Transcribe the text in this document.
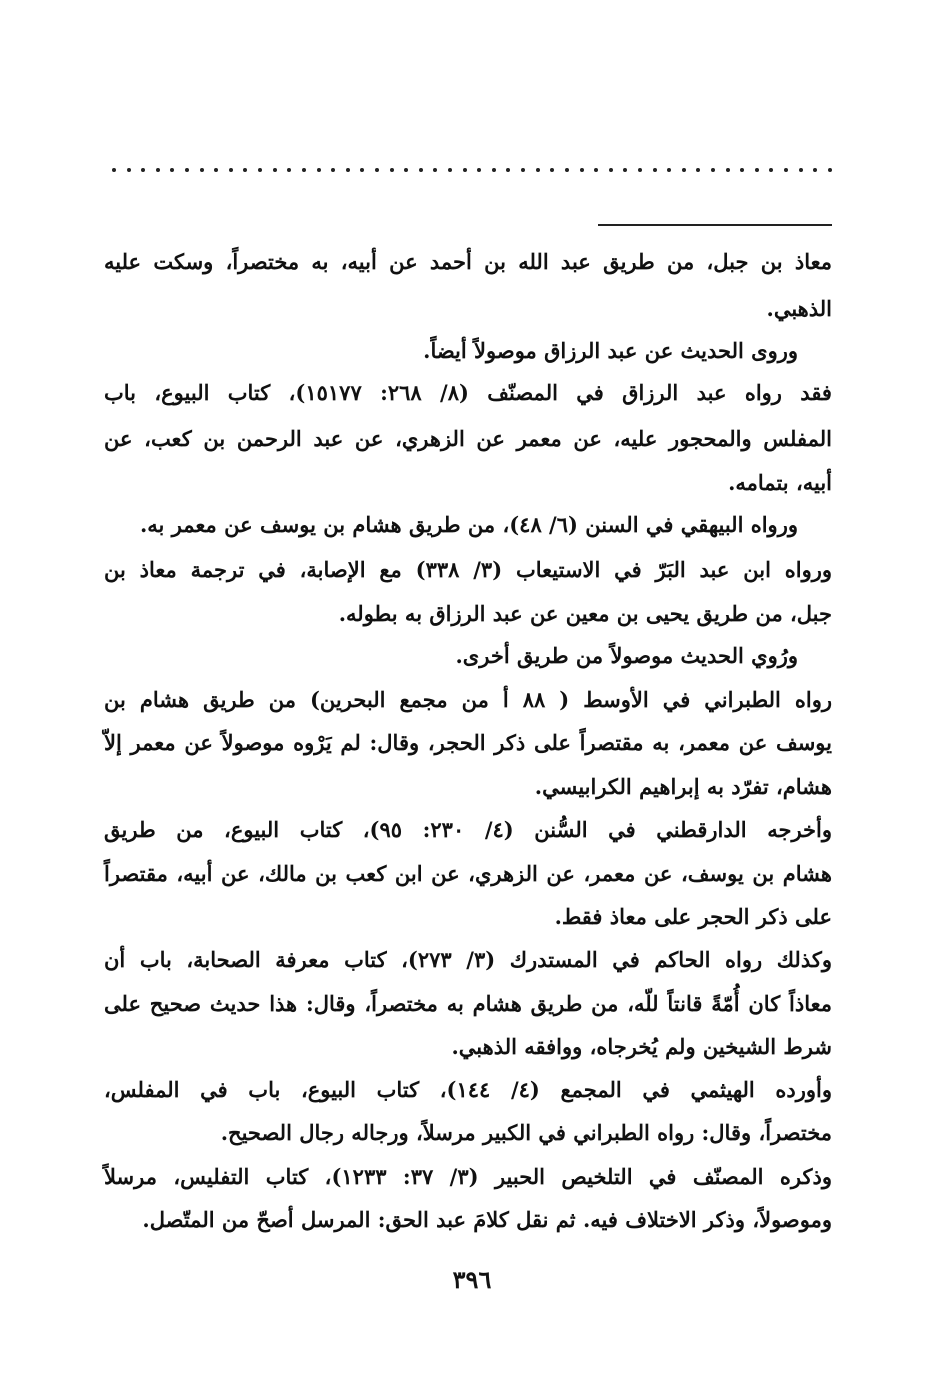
معاذ بن جبل، من طريق عبد الله بن أحمد عن أبيه، به مختصراً، وسكت عليه
الذهبي.
وروى الحديث عن عبد الرزاق موصولاً أيضاً.
فقد رواه عبد الرزاق في المصنّف (٨/ ٢٦٨: ١٥١٧٧)، كتاب البيوع، باب
المفلس والمحجور عليه، عن معمر عن الزهري، عن عبد الرحمن بن كعب، عن
أبيه، بتمامه.
ورواه البيهقي في السنن (٦/ ٤٨)، من طريق هشام بن يوسف عن معمر به.
ورواه ابن عبد البَرّ في الاستيعاب (٣/ ٣٣٨) مع الإصابة، في ترجمة معاذ بن
جبل، من طريق يحيى بن معين عن عبد الرزاق به بطوله.
ورُوي الحديث موصولاً من طريق أخرى.
رواه الطبراني في الأوسط ( ٨٨ أ من مجمع البحرين) من طريق هشام بن
يوسف عن معمر، به مقتصراً على ذكر الحجر، وقال: لم يَرْوه موصولاً عن معمر إلاّ
هشام، تفرّد به إبراهيم الكرابيسي.
وأخرجه الدارقطني في السُّنن (٤/ ٢٣٠: ٩٥)، كتاب البيوع، من طريق
هشام بن يوسف، عن معمر، عن الزهري، عن ابن كعب بن مالك، عن أبيه، مقتصراً
على ذكر الحجر على معاذ فقط.
وكذلك رواه الحاكم في المستدرك (٣/ ٢٧٣)، كتاب معرفة الصحابة، باب أن
معاذاً كان أُمّةً قانتاً للّه، من طريق هشام به مختصراً، وقال: هذا حديث صحيح على
شرط الشيخين ولم يُخرجاه، ووافقه الذهبي.
وأورده الهيثمي في المجمع (٤/ ١٤٤)، كتاب البيوع، باب في المفلس،
مختصراً، وقال: رواه الطبراني في الكبير مرسلاً، ورجاله رجال الصحيح.
وذكره المصنّف في التلخيص الحبير (٣/ ٣٧: ١٢٣٣)، كتاب التفليس، مرسلاً
وموصولاً، وذكر الاختلاف فيه. ثم نقل كلامَ عبد الحق: المرسل أصحّ من المتّصل.
٣٩٦
